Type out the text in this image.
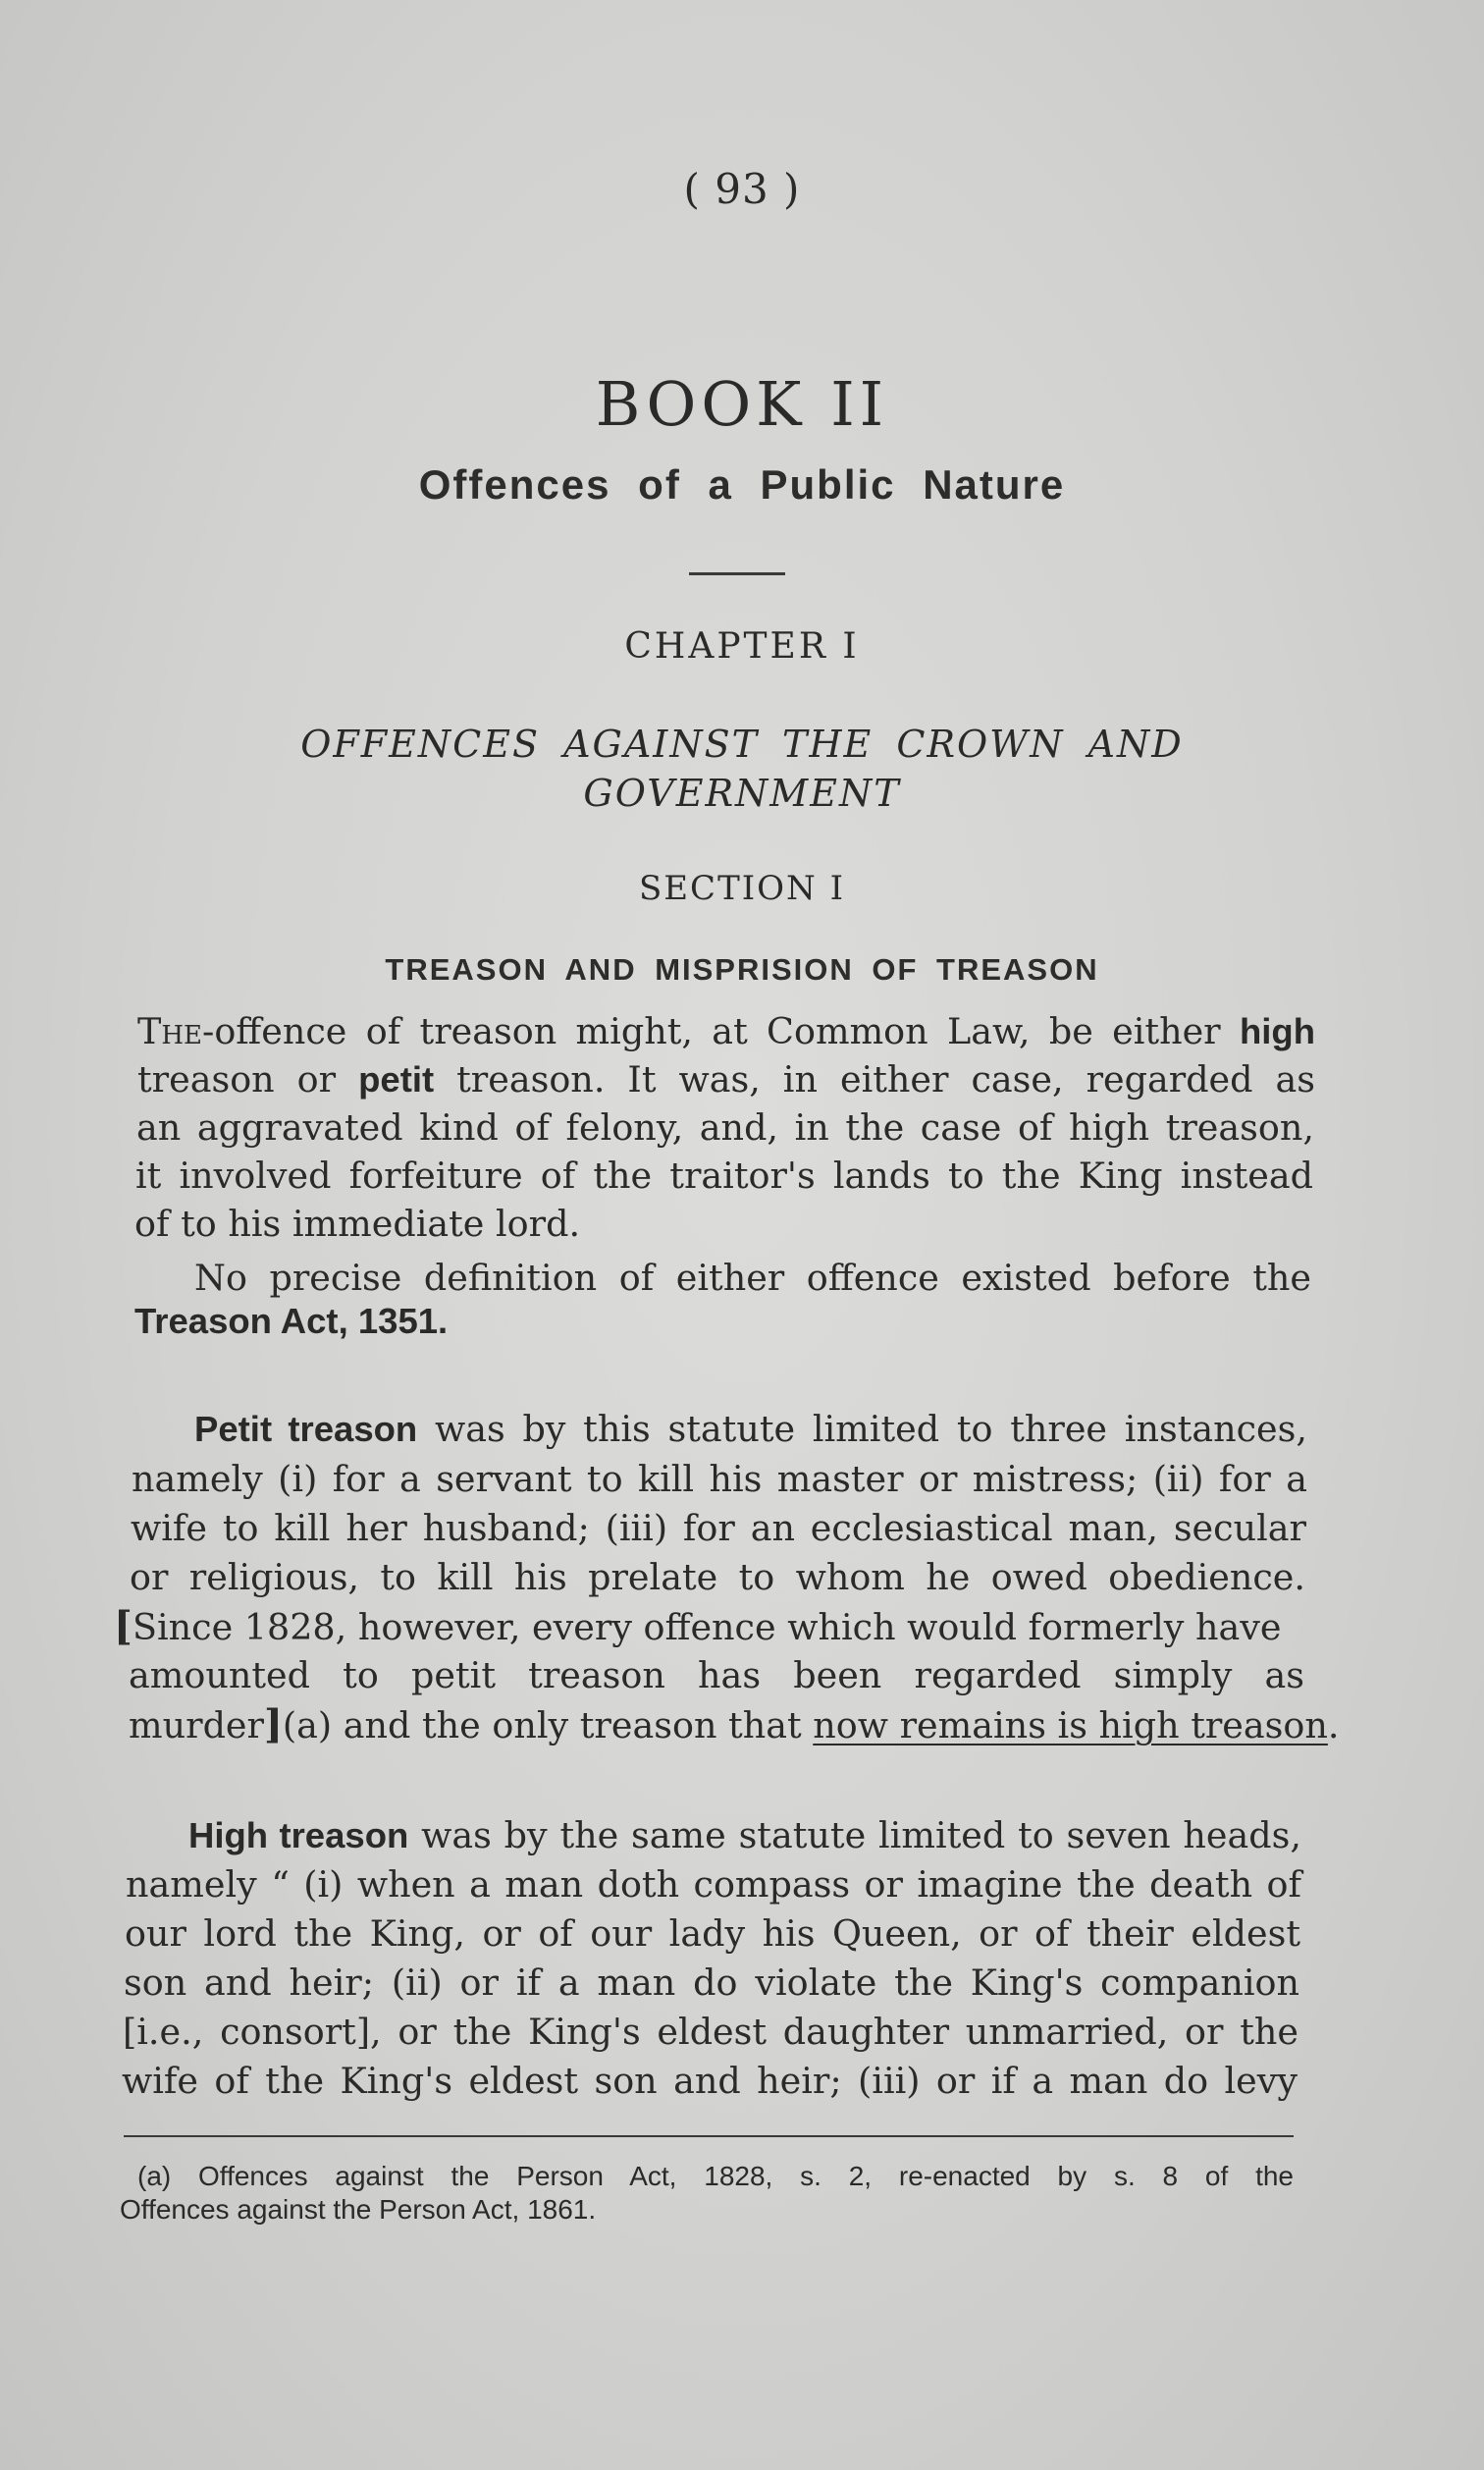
( 93 )
BOOK II
Offences of a Public Nature
CHAPTER I
OFFENCES AGAINST THE CROWN AND
GOVERNMENT
SECTION I
TREASON AND MISPRISION OF TREASON
The-offence of treason might, at Common Law, be either high
treason or petit treason. It was, in either case, regarded as
an aggravated kind of felony, and, in the case of high treason,
it involved forfeiture of the traitor's lands to the King instead
of to his immediate lord.
No precise definition of either offence existed before the
Treason Act, 1351.
Petit treason was by this statute limited to three instances,
namely (i) for a servant to kill his master or mistress; (ii) for a
wife to kill her husband; (iii) for an ecclesiastical man, secular
or religious, to kill his prelate to whom he owed obedience.
[Since 1828, however, every offence which would formerly have
amounted to petit treason has been regarded simply as
murder](a) and the only treason that now remains is high treason.
High treason was by the same statute limited to seven heads,
namely “ (i) when a man doth compass or imagine the death of
our lord the King, or of our lady his Queen, or of their eldest
son and heir; (ii) or if a man do violate the King's companion
[i.e., consort], or the King's eldest daughter unmarried, or the
wife of the King's eldest son and heir; (iii) or if a man do levy
(a) Offences against the Person Act, 1828, s. 2, re-enacted by s. 8 of the
Offences against the Person Act, 1861.
